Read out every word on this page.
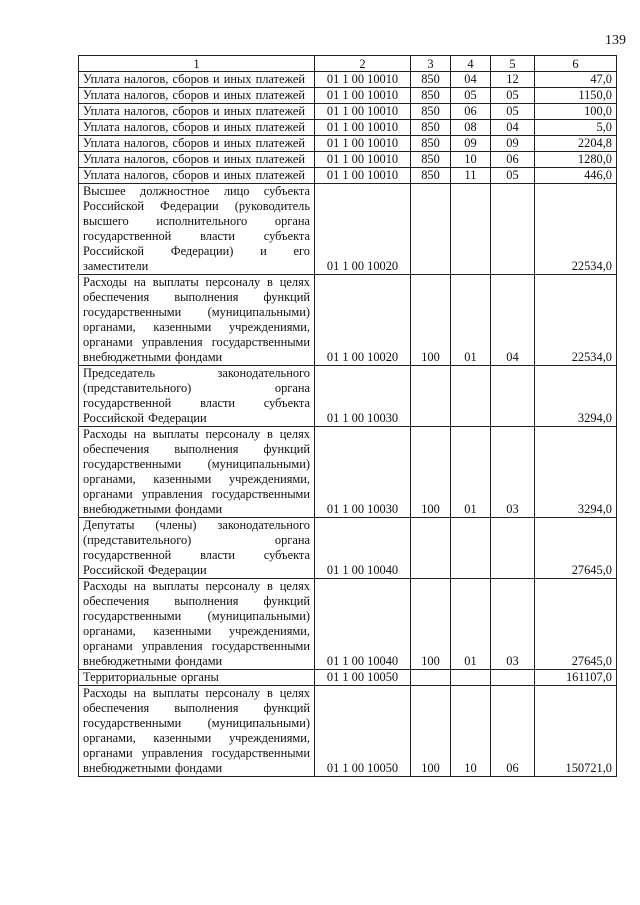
139
1	2	3	4	5	6
Уплата налогов, сборов и иных платежей	01 1 00 10010	850	04	12	47,0
Уплата налогов, сборов и иных платежей	01 1 00 10010	850	05	05	1150,0
Уплата налогов, сборов и иных платежей	01 1 00 10010	850	06	05	100,0
Уплата налогов, сборов и иных платежей	01 1 00 10010	850	08	04	5,0
Уплата налогов, сборов и иных платежей	01 1 00 10010	850	09	09	2204,8
Уплата налогов, сборов и иных платежей	01 1 00 10010	850	10	06	1280,0
Уплата налогов, сборов и иных платежей	01 1 00 10010	850	11	05	446,0
Высшее должностное лицо субъекта Российской Федерации (руководитель высшего исполнительного органа государственной власти субъекта Российской Федерации) и его заместители	01 1 00 10020				22534,0
Расходы на выплаты персоналу в целях обеспечения выполнения функций государственными (муниципальными) органами, казенными учреждениями, органами управления государственными внебюджетными фондами	01 1 00 10020	100	01	04	22534,0
Председатель законодательного (представительного) органа государственной власти субъекта Российской Федерации	01 1 00 10030				3294,0
Расходы на выплаты персоналу в целях обеспечения выполнения функций государственными (муниципальными) органами, казенными учреждениями, органами управления государственными внебюджетными фондами	01 1 00 10030	100	01	03	3294,0
Депутаты (члены) законодательного (представительного) органа государственной власти субъекта Российской Федерации	01 1 00 10040				27645,0
Расходы на выплаты персоналу в целях обеспечения выполнения функций государственными (муниципальными) органами, казенными учреждениями, органами управления государственными внебюджетными фондами	01 1 00 10040	100	01	03	27645,0
Территориальные органы	01 1 00 10050				161107,0
Расходы на выплаты персоналу в целях обеспечения выполнения функций государственными (муниципальными) органами, казенными учреждениями, органами управления государственными внебюджетными фондами	01 1 00 10050	100	10	06	150721,0
